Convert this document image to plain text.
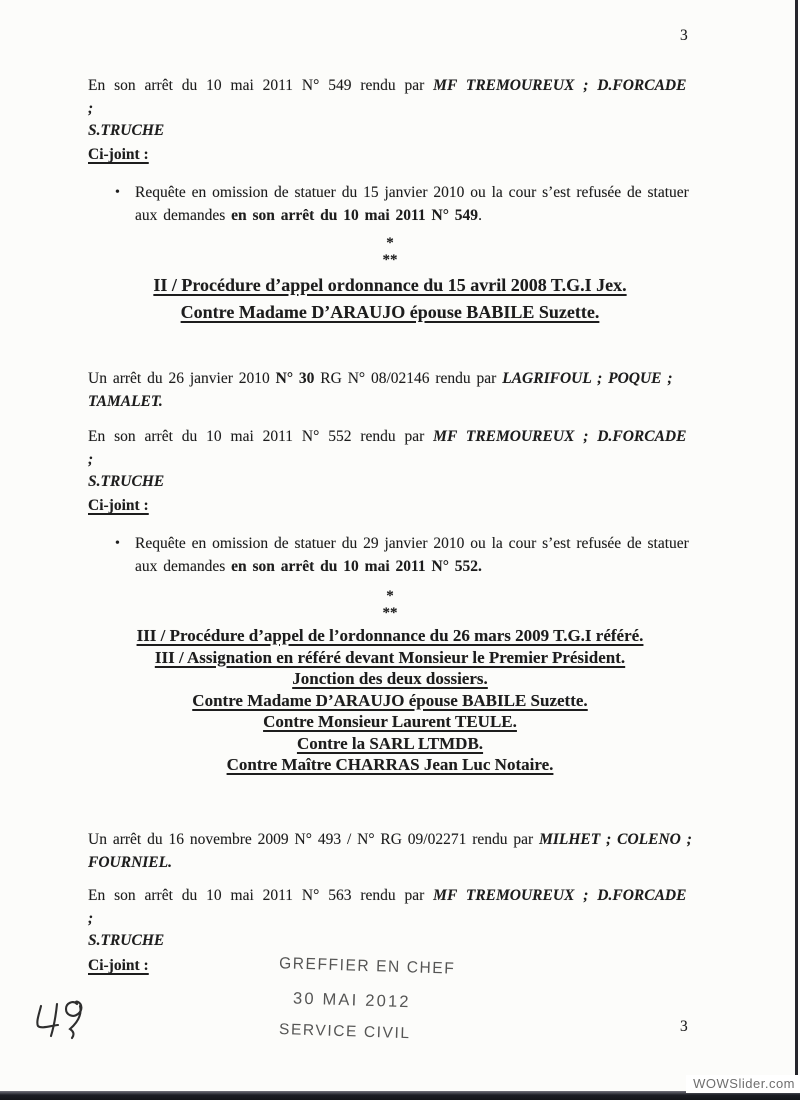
3

En son arrêt du 10 mai 2011 N° 549 rendu par MF TREMOUREUX ; D.FORCADE ;
S.TRUCHE

Ci-joint :

• Requête en omission de statuer du 15 janvier 2010 ou la cour s’est refusée de statuer
aux demandes en son arrêt du 10 mai 2011 N° 549.

*

**

II / Procédure d’appel ordonnance du 15 avril 2008 T.G.I Jex.

Contre Madame D’ARAUJO épouse BABILE Suzette.

Un arrêt du 26 janvier 2010 N° 30 RG N° 08/02146 rendu par LAGRIFOUL ; POQUE ;
TAMALET.

En son arrêt du 10 mai 2011 N° 552 rendu par MF TREMOUREUX ; D.FORCADE ;
S.TRUCHE

Ci-joint :

• Requête en omission de statuer du 29 janvier 2010 ou la cour s’est refusée de statuer
aux demandes en son arrêt du 10 mai 2011 N° 552.

*

**

III / Procédure d’appel de l’ordonnance du 26 mars 2009 T.G.I référé.

III / Assignation en référé devant Monsieur le Premier Président.

Jonction des deux dossiers.

Contre Madame D’ARAUJO épouse BABILE Suzette.

Contre Monsieur Laurent TEULE.

Contre la SARL LTMDB.

Contre Maître CHARRAS Jean Luc Notaire.

Un arrêt du 16 novembre 2009 N° 493 / N° RG 09/02271 rendu par MILHET ; COLENO ;
FOURNIEL.

En son arrêt du 10 mai 2011 N° 563 rendu par MF TREMOUREUX ; D.FORCADE ;
S.TRUCHE

Ci-joint :	GREFFIER EN CHEF
30 MAI 2012
SERVICE CIVIL	3
WOWSlider.com
